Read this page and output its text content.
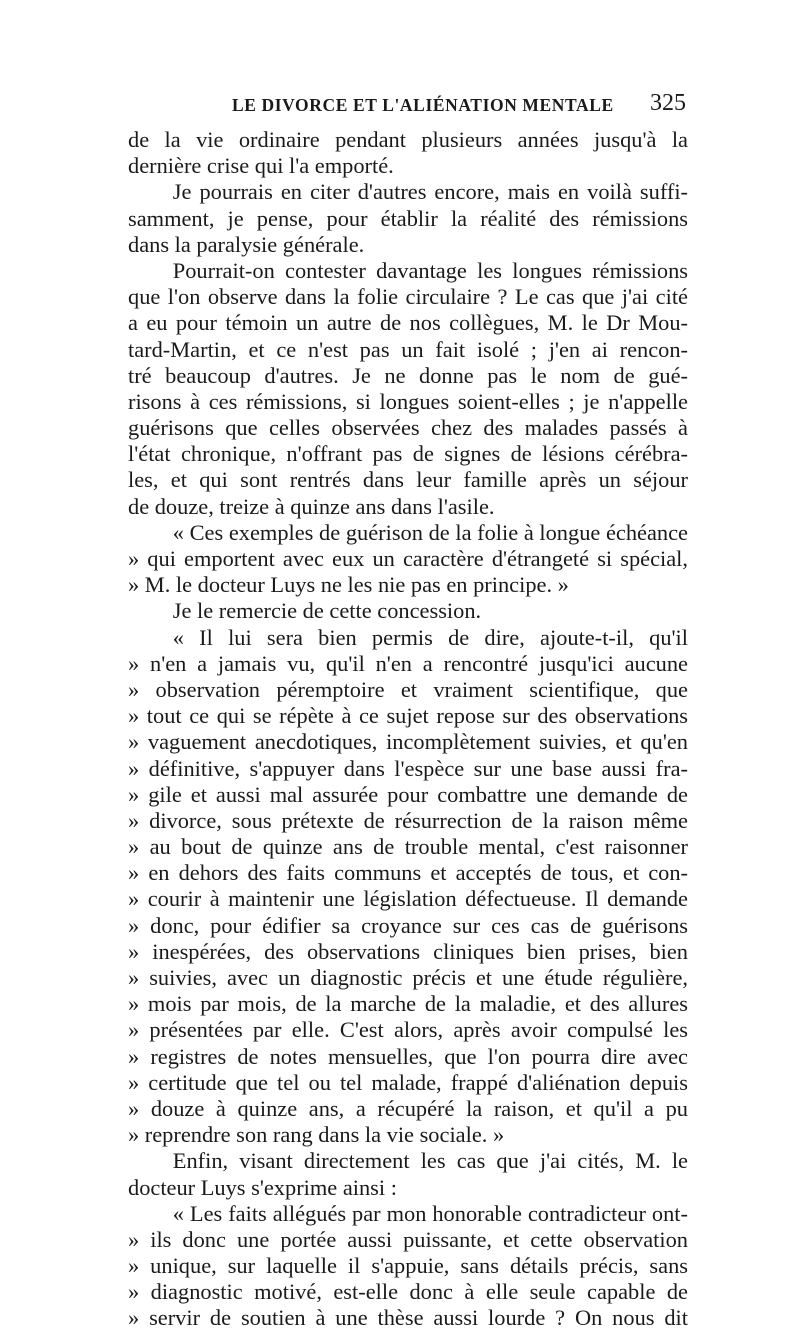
LE DIVORCE ET L'ALIÉNATION MENTALE 325
de la vie ordinaire pendant plusieurs années jusqu'à la
dernière crise qui l'a emporté.
  Je pourrais en citer d'autres encore, mais en voilà suffi-
samment, je pense, pour établir la réalité des rémissions
dans la paralysie générale.
  Pourrait-on contester davantage les longues rémissions
que l'on observe dans la folie circulaire ? Le cas que j'ai cité
a eu pour témoin un autre de nos collègues, M. le Dr Mou-
tard-Martin, et ce n'est pas un fait isolé ; j'en ai rencon-
tré beaucoup d'autres. Je ne donne pas le nom de gué-
risons à ces rémissions, si longues soient-elles ; je n'appelle
guérisons que celles observées chez des malades passés à
l'état chronique, n'offrant pas de signes de lésions cérébra-
les, et qui sont rentrés dans leur famille après un séjour
de douze, treize à quinze ans dans l'asile.
  « Ces exemples de guérison de la folie à longue échéance
» qui emportent avec eux un caractère d'étrangeté si spécial,
» M. le docteur Luys ne les nie pas en principe. »
  Je le remercie de cette concession.
  « Il lui sera bien permis de dire, ajoute-t-il, qu'il
» n'en a jamais vu, qu'il n'en a rencontré jusqu'ici aucune
» observation péremptoire et vraiment scientifique, que
» tout ce qui se répète à ce sujet repose sur des observations
» vaguement anecdotiques, incomplètement suivies, et qu'en
» définitive, s'appuyer dans l'espèce sur une base aussi fra-
» gile et aussi mal assurée pour combattre une demande de
» divorce, sous prétexte de résurrection de la raison même
» au bout de quinze ans de trouble mental, c'est raisonner
» en dehors des faits communs et acceptés de tous, et con-
» courir à maintenir une législation défectueuse. Il demande
» donc, pour édifier sa croyance sur ces cas de guérisons
» inespérées, des observations cliniques bien prises, bien
» suivies, avec un diagnostic précis et une étude régulière,
» mois par mois, de la marche de la maladie, et des allures
» présentées par elle. C'est alors, après avoir compulsé les
» registres de notes mensuelles, que l'on pourra dire avec
» certitude que tel ou tel malade, frappé d'aliénation depuis
» douze à quinze ans, a récupéré la raison, et qu'il a pu
» reprendre son rang dans la vie sociale. »
  Enfin, visant directement les cas que j'ai cités, M. le
docteur Luys s'exprime ainsi :
  « Les faits allégués par mon honorable contradicteur ont-
» ils donc une portée aussi puissante, et cette observation
» unique, sur laquelle il s'appuie, sans détails précis, sans
» diagnostic motivé, est-elle donc à elle seule capable de
» servir de soutien à une thèse aussi lourde ? On nous dit
